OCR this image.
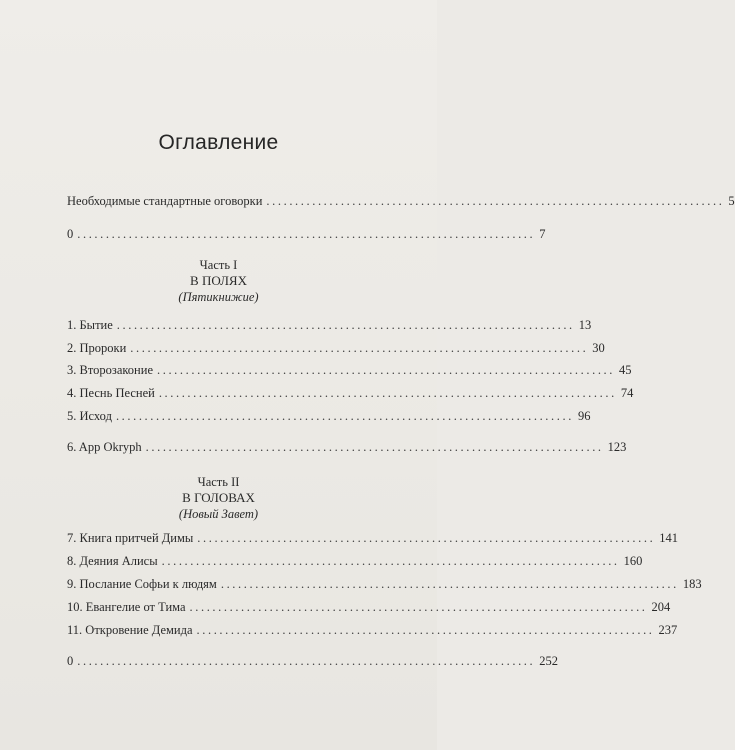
Оглавление
Необходимые стандартные оговорки ................................................................................ 5
0 ................................................................................ 7
Часть I
В ПОЛЯХ
(Пятикнижие)
1. Бытие ................................................................................ 13
2. Пророки ................................................................................ 30
3. Второзаконие ................................................................................ 45
4. Песнь Песней ................................................................................ 74
5. Исход ................................................................................ 96
6. App Okryph ................................................................................ 123
Часть II
В ГОЛОВАХ
(Новый Завет)
7. Книга притчей Димы ................................................................................ 141
8. Деяния Алисы ................................................................................ 160
9. Послание Софьи к людям ................................................................................ 183
10. Евангелие от Тима ................................................................................ 204
11. Откровение Демида ................................................................................ 237
0 ................................................................................ 252
